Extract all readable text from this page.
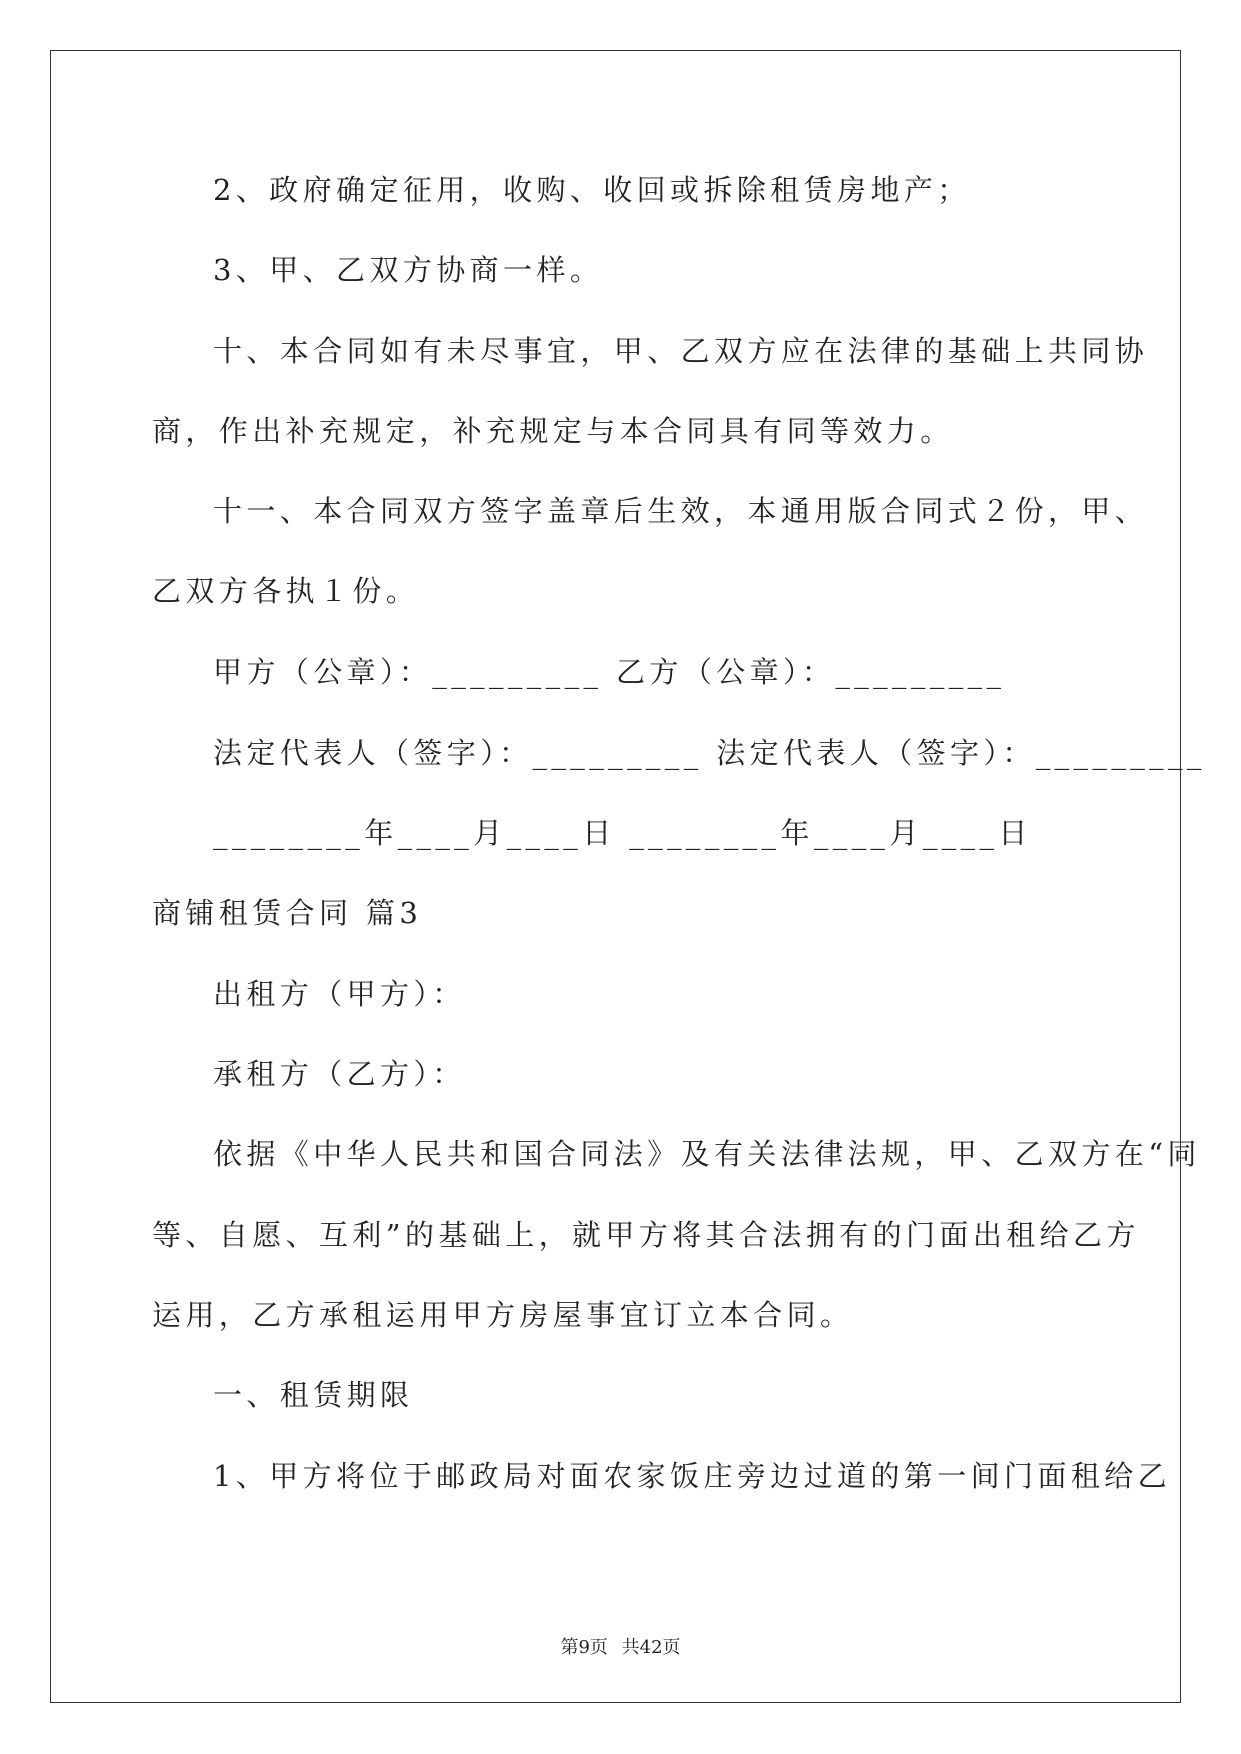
2、政府确定征用，收购、收回或拆除租赁房地产；
3、甲、乙双方协商一样。
十、本合同如有未尽事宜，甲、乙双方应在法律的基础上共同协
商，作出补充规定，补充规定与本合同具有同等效力。
十一、本合同双方签字盖章后生效，本通用版合同式２份，甲、
乙双方各执１份。
甲方（公章）：_________ 乙方（公章）：_________
法定代表人（签字）：_________ 法定代表人（签字）：_________
________年____月____日 ________年____月____日
商铺租赁合同 篇3
出租方（甲方）：
承租方（乙方）：
依据《中华人民共和国合同法》及有关法律法规，甲、乙双方在“同
等、自愿、互利”的基础上，就甲方将其合法拥有的门面出租给乙方
运用，乙方承租运用甲方房屋事宜订立本合同。
一、租赁期限
1、甲方将位于邮政局对面农家饭庄旁边过道的第一间门面租给乙
第9页 共42页
